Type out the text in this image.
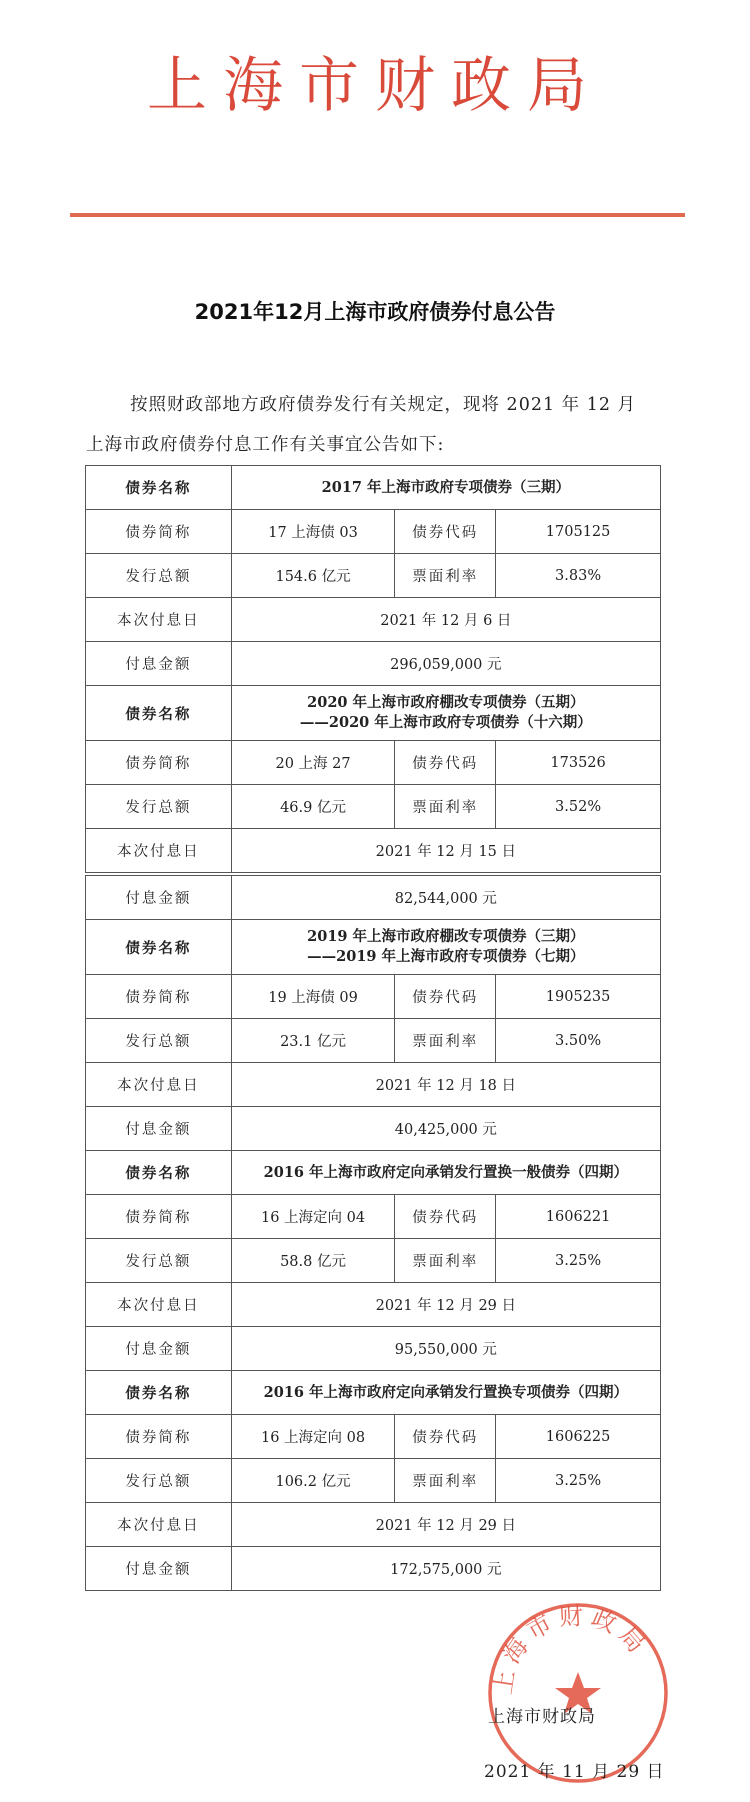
上海市财政局
2021年12月上海市政府债券付息公告
按照财政部地方政府债券发行有关规定，现将 2021 年 12 月
上海市政府债券付息工作有关事宜公告如下:
债券名称	2017 年上海市政府专项债券（三期）		
债券简称	17 上海债 03	债券代码	1705125
发行总额	154.6 亿元	票面利率	3.83%
本次付息日	2021 年 12 月 6 日		
付息金额	296,059,000 元		
债券名称	2020 年上海市政府棚改专项债券（五期）
——2020 年上海市政府专项债券（十六期）		

债券简称	20 上海 27	债券代码	173526
发行总额	46.9 亿元	票面利率	3.52%
本次付息日	2021 年 12 月 15 日		
付息金额	82,544,000 元		
债券名称	2019 年上海市政府棚改专项债券（三期）
——2019 年上海市政府专项债券（七期）		

债券简称	19 上海债 09	债券代码	1905235
发行总额	23.1 亿元	票面利率	3.50%
本次付息日	2021 年 12 月 18 日		
付息金额	40,425,000 元		
债券名称	2016 年上海市政府定向承销发行置换一般债券（四期）		
债券简称	16 上海定向 04	债券代码	1606221
发行总额	58.8 亿元	票面利率	3.25%
本次付息日	2021 年 12 月 29 日		
付息金额	95,550,000 元		
债券名称	2016 年上海市政府定向承销发行置换专项债券（四期）		
债券简称	16 上海定向 08	债券代码	1606225
发行总额	106.2 亿元	票面利率	3.25%
本次付息日	2021 年 12 月 29 日		
付息金额	172,575,000 元		
上海市财政局
上海市财政局
2021 年 11 月 29 日
